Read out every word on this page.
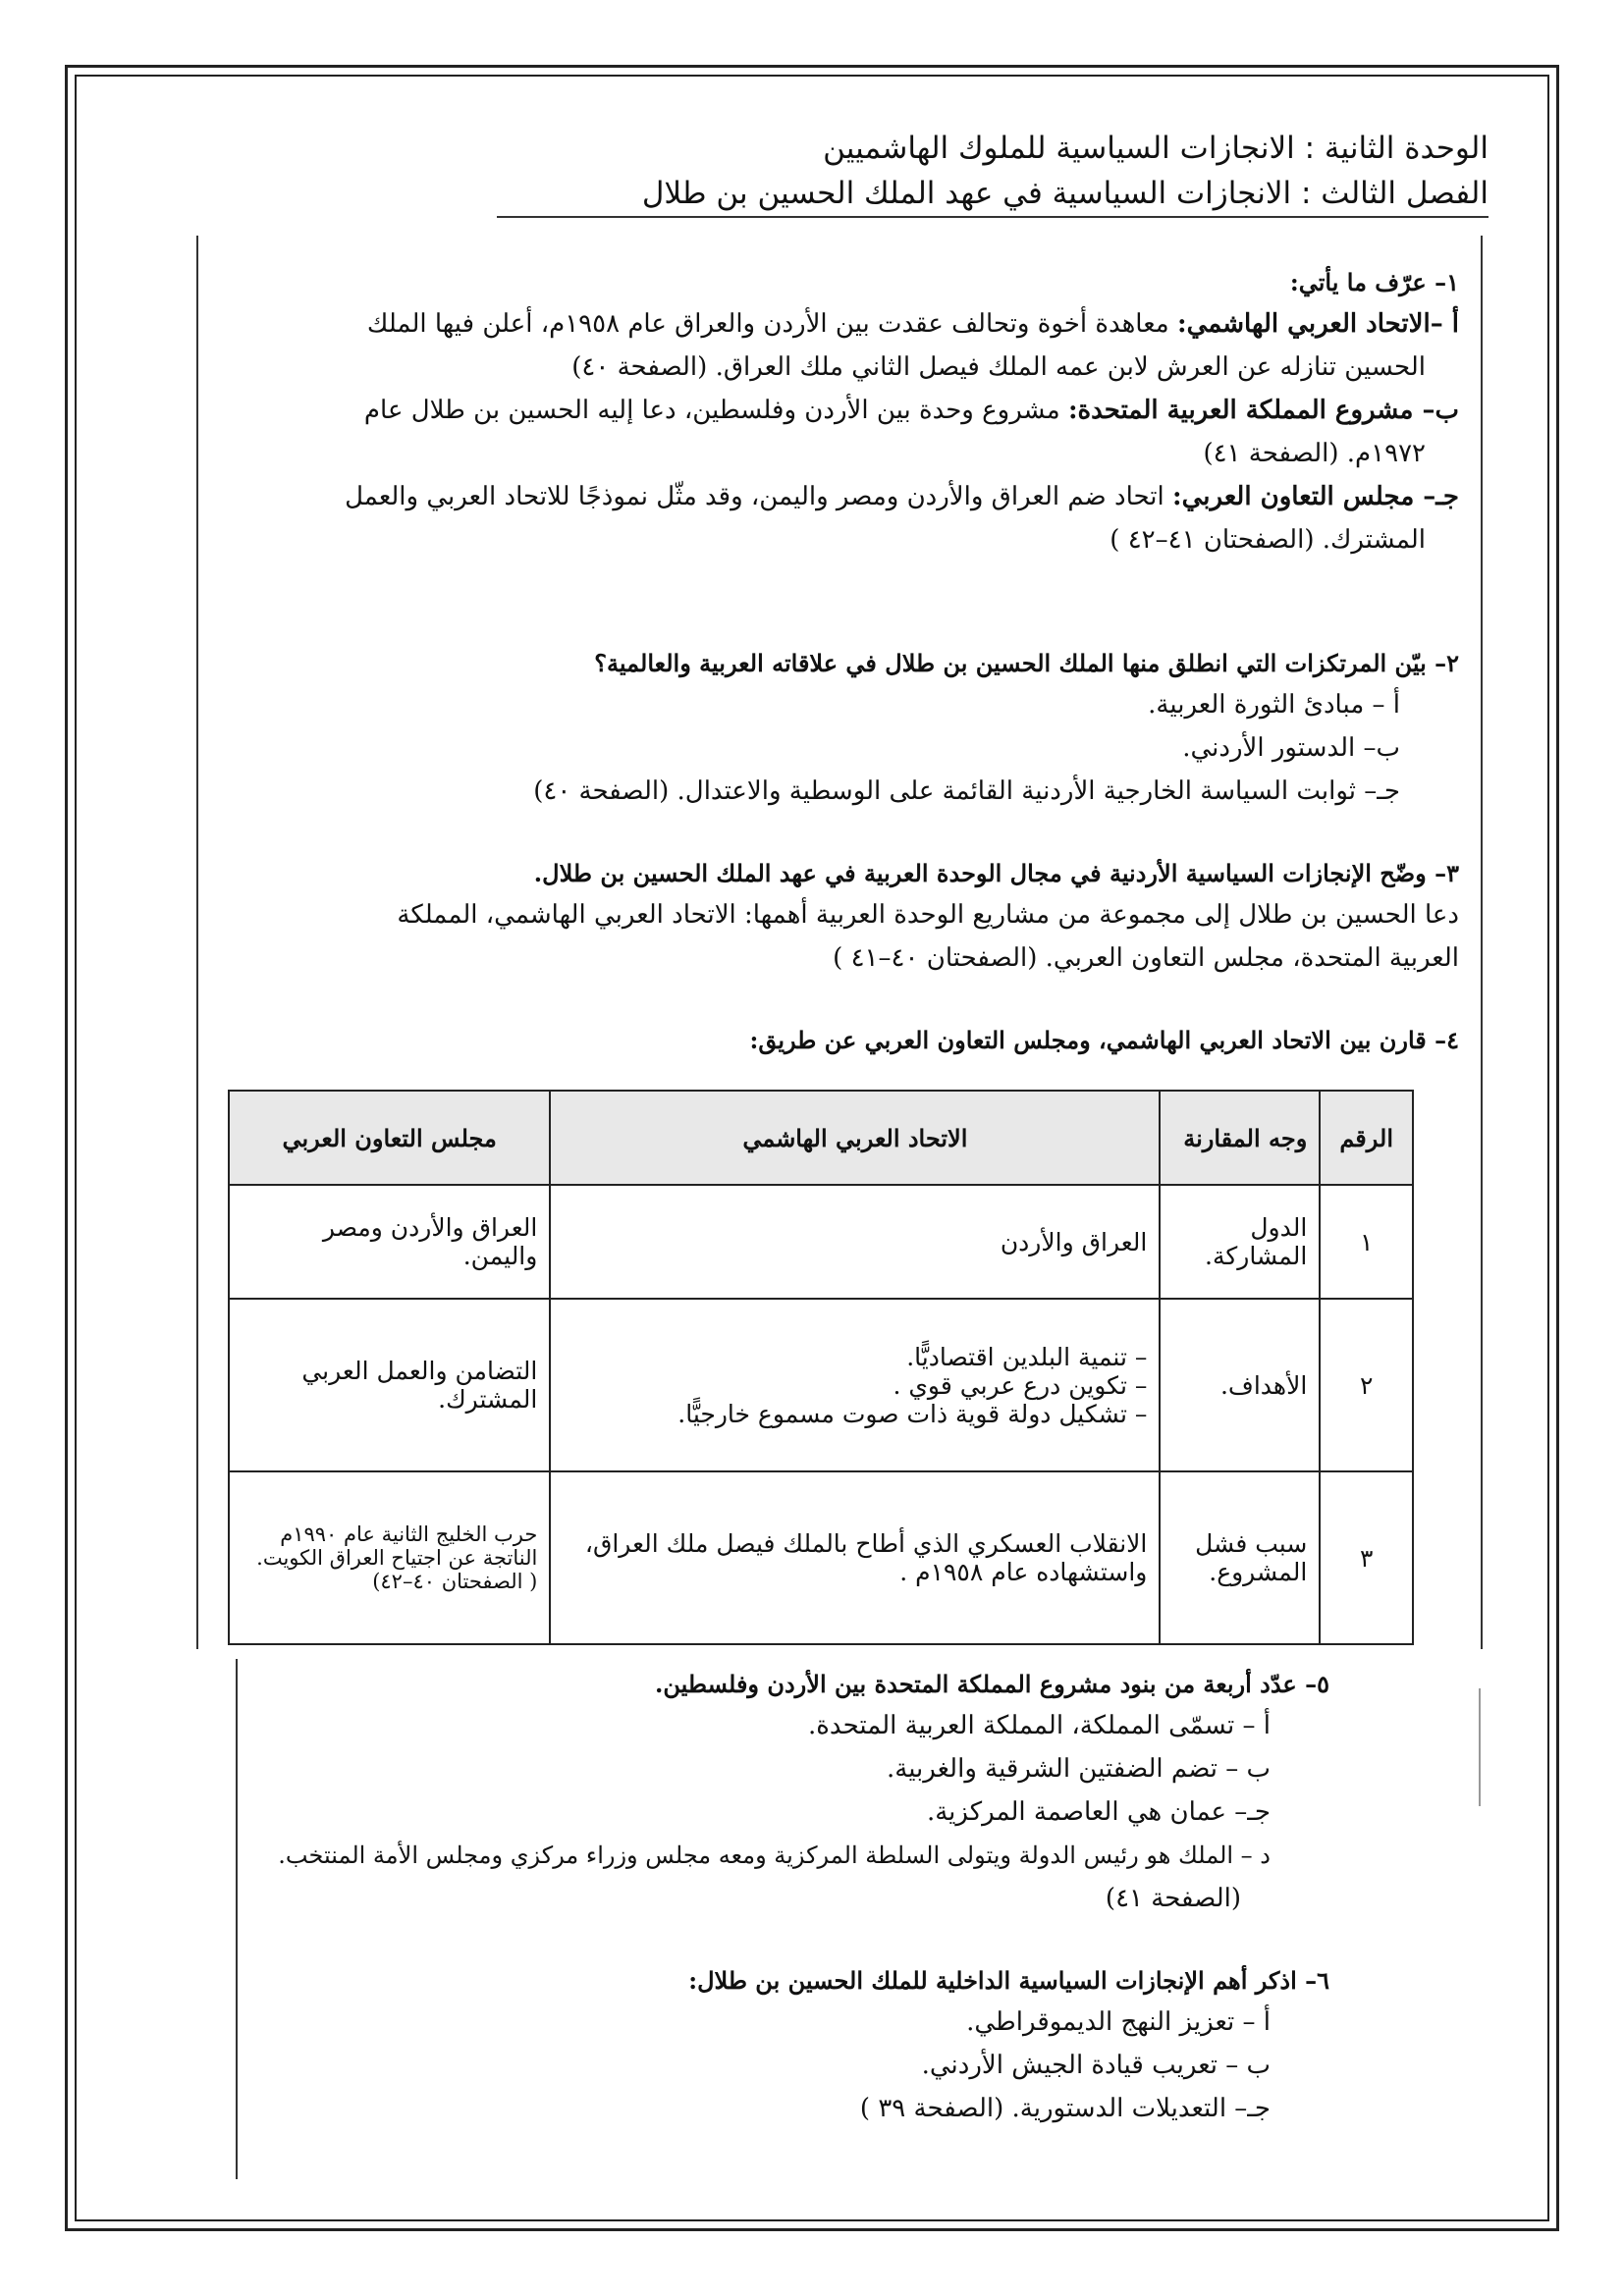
الوحدة الثانية : الانجازات السياسية للملوك الهاشميين
الفصل الثالث : الانجازات السياسية في عهد الملك الحسين بن طلال
١– عرّف ما يأتي:
أ –الاتحاد العربي الهاشمي: معاهدة أخوة وتحالف عقدت بين الأردن والعراق عام ١٩٥٨م، أعلن فيها الملك
الحسين تنازله عن العرش لابن عمه الملك فيصل الثاني ملك العراق. (الصفحة ٤٠)
ب– مشروع المملكة العربية المتحدة: مشروع وحدة بين الأردن وفلسطين، دعا إليه الحسين بن طلال عام
١٩٧٢م. (الصفحة ٤١)
جـ– مجلس التعاون العربي: اتحاد ضم العراق والأردن ومصر واليمن، وقد مثّل نموذجًا للاتحاد العربي والعمل
المشترك. (الصفحتان ٤١–٤٢ )
٢– بيّن المرتكزات التي انطلق منها الملك الحسين بن طلال في علاقاته العربية والعالمية؟
أ – مبادئ الثورة العربية.
ب– الدستور الأردني.
جـ– ثوابت السياسة الخارجية الأردنية القائمة على الوسطية والاعتدال. (الصفحة ٤٠)
٣– وضّح الإنجازات السياسية الأردنية في مجال الوحدة العربية في عهد الملك الحسين بن طلال.
دعا الحسين بن طلال إلى مجموعة من مشاريع الوحدة العربية أهمها: الاتحاد العربي الهاشمي، المملكة
العربية المتحدة، مجلس التعاون العربي. (الصفحتان ٤٠–٤١ )
٤– قارن بين الاتحاد العربي الهاشمي، ومجلس التعاون العربي عن طريق:
الرقم	وجه المقارنة	الاتحاد العربي الهاشمي	مجلس التعاون العربي
١	الدول المشاركة.	العراق والأردن	العراق والأردن ومصر واليمن.

٢	الأهداف.	– تنمية البلدين اقتصاديًّا.
– تكوين درع عربي قوي .
– تشكيل دولة قوية ذات صوت مسموع خارجيًّا.	التضامن والعمل العربي المشترك.

٣	سبب فشل المشروع.	الانقلاب العسكري الذي أطاح بالملك فيصل ملك العراق، واستشهاده عام ١٩٥٨م .	حرب الخليج الثانية عام ١٩٩٠م الناتجة عن اجتياح العراق الكويت.
( الصفحتان ٤٠–٤٢)
٥– عدّد أربعة من بنود مشروع المملكة المتحدة بين الأردن وفلسطين.
أ – تسمّى المملكة، المملكة العربية المتحدة.
ب – تضم الضفتين الشرقية والغربية.
جـ– عمان هي العاصمة المركزية.
د – الملك هو رئيس الدولة ويتولى السلطة المركزية ومعه مجلس وزراء مركزي ومجلس الأمة المنتخب.
(الصفحة ٤١)
٦– اذكر أهم الإنجازات السياسية الداخلية للملك الحسين بن طلال:
أ – تعزيز النهج الديموقراطي.
ب – تعريب قيادة الجيش الأردني.
جـ– التعديلات الدستورية. (الصفحة ٣٩ )
